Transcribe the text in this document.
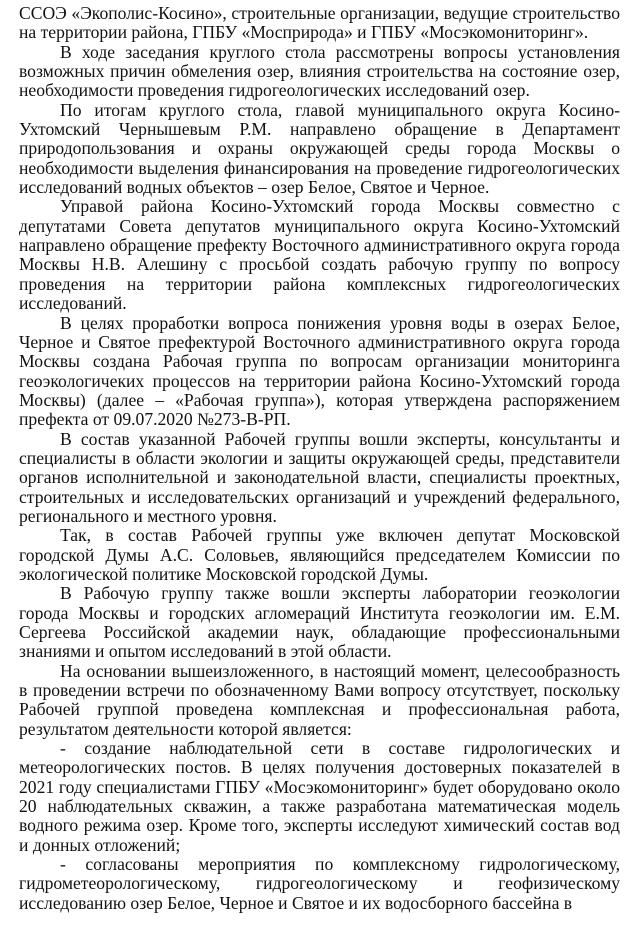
ССОЭ «Экополис-Косино», строительные организации, ведущие строительство на территории района, ГПБУ «Мосприрода» и ГПБУ «Мосэкомониторинг».

В ходе заседания круглого стола рассмотрены вопросы установления возможных причин обмеления озер, влияния строительства на состояние озер, необходимости проведения гидрогеологических исследований озер.

По итогам круглого стола, главой муниципального округа Косино-Ухтомский Чернышевым Р.М. направлено обращение в Департамент природопользования и охраны окружающей среды города Москвы о необходимости выделения финансирования на проведение гидрогеологических исследований водных объектов – озер Белое, Святое и Черное.

Управой района Косино-Ухтомский города Москвы совместно с депутатами Совета депутатов муниципального округа Косино-Ухтомский направлено обращение префекту Восточного административного округа города Москвы Н.В. Алешину с просьбой создать рабочую группу по вопросу проведения на территории района комплексных гидрогеологических исследований.

В целях проработки вопроса понижения уровня воды в озерах Белое, Черное и Святое префектурой Восточного административного округа города Москвы создана Рабочая группа по вопросам организации мониторинга геоэкологичеких процессов на территории района Косино-Ухтомский города Москвы) (далее – «Рабочая группа»), которая утверждена распоряжением префекта от 09.07.2020 №273-В-РП.

В состав указанной Рабочей группы вошли эксперты, консультанты и специалисты в области экологии и защиты окружающей среды, представители органов исполнительной и законодательной власти, специалисты проектных, строительных и исследовательских организаций и учреждений федерального, регионального и местного уровня.

Так, в состав Рабочей группы уже включен депутат Московской городской Думы А.С. Соловьев, являющийся председателем Комиссии по экологической политике Московской городской Думы.

В Рабочую группу также вошли эксперты лаборатории геоэкологии города Москвы и городских агломераций Института геоэкологии им. Е.М. Сергеева Российской академии наук, обладающие профессиональными знаниями и опытом исследований в этой области.

На основании вышеизложенного, в настоящий момент, целесообразность в проведении встречи по обозначенному Вами вопросу отсутствует, поскольку Рабочей группой проведена комплексная и профессиональная работа, результатом деятельности которой является:

- создание наблюдательной сети в составе гидрологических и метеорологических постов. В целях получения достоверных показателей в 2021 году специалистами ГПБУ «Мосэкомониторинг» будет оборудовано около 20 наблюдательных скважин, а также разработана математическая модель водного режима озер. Кроме того, эксперты исследуют химический состав вод и донных отложений;

- согласованы мероприятия по комплексному гидрологическому, гидрометеорологическому, гидрогеологическому и геофизическому исследованию озер Белое, Черное и Святое и их водосборного бассейна в
